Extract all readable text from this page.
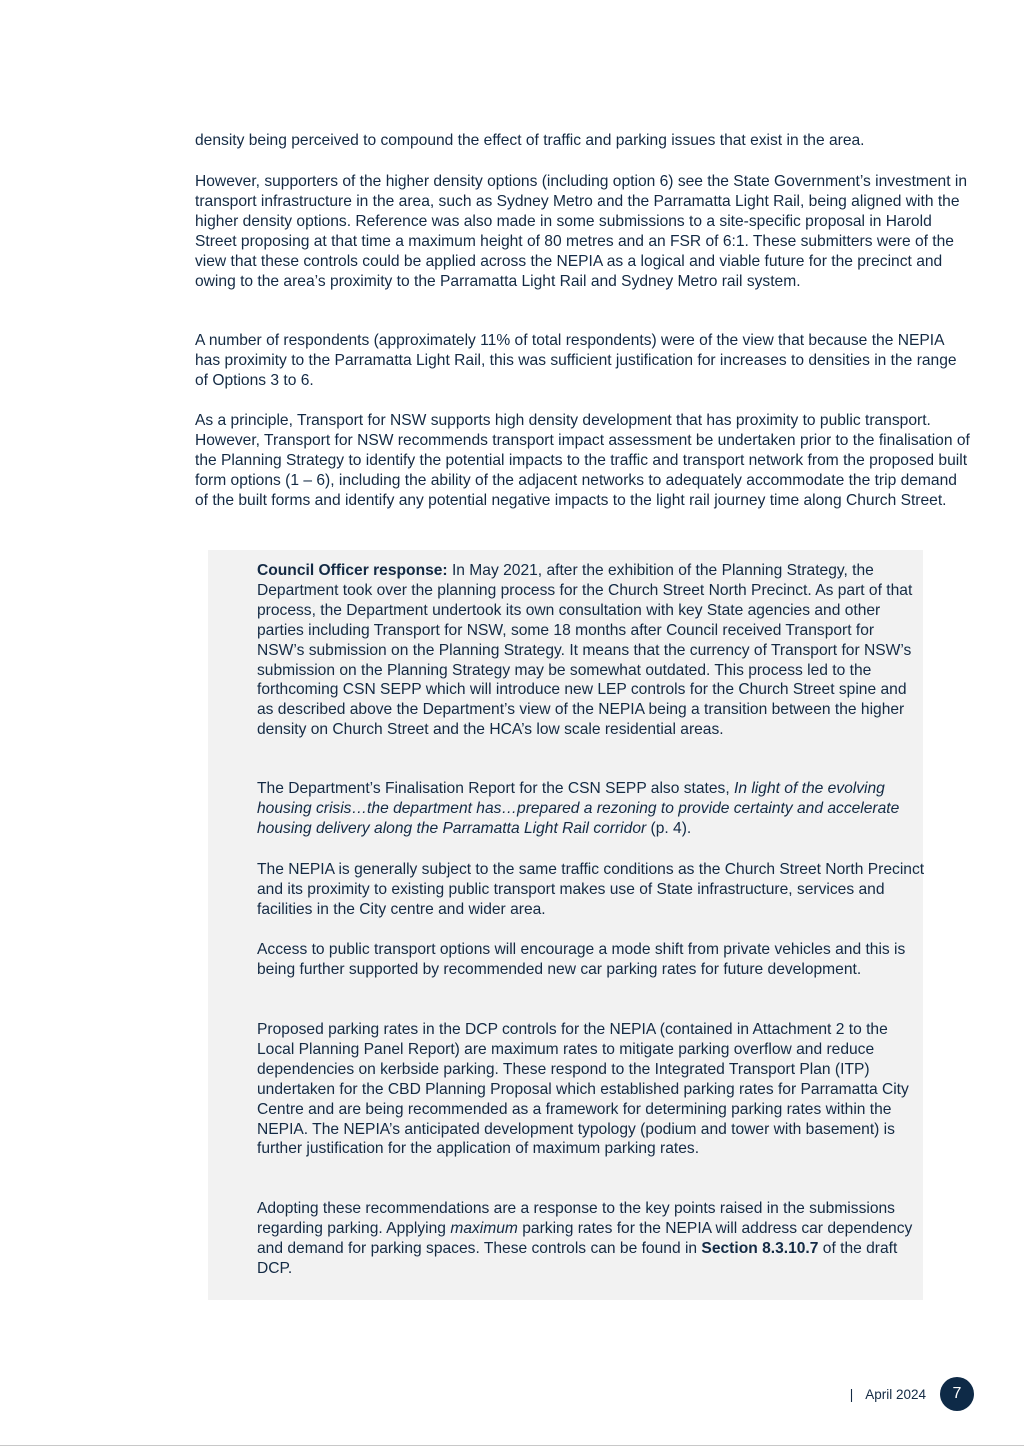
density being perceived to compound the effect of traffic and parking issues that exist in the area.

However, supporters of the higher density options (including option 6) see the State Government’s investment in transport infrastructure in the area, such as Sydney Metro and the Parramatta Light Rail, being aligned with the higher density options. Reference was also made in some submissions to a site-specific proposal in Harold Street proposing at that time a maximum height of 80 metres and an FSR of 6:1. These submitters were of the view that these controls could be applied across the NEPIA as a logical and viable future for the precinct and owing to the area’s proximity to the Parramatta Light Rail and Sydney Metro rail system.

A number of respondents (approximately 11% of total respondents) were of the view that because the NEPIA has proximity to the Parramatta Light Rail, this was sufficient justification for increases to densities in the range of Options 3 to 6.

As a principle, Transport for NSW supports high density development that has proximity to public transport. However, Transport for NSW recommends transport impact assessment be undertaken prior to the finalisation of the Planning Strategy to identify the potential impacts to the traffic and transport network from the proposed built form options (1 – 6), including the ability of the adjacent networks to adequately accommodate the trip demand of the built forms and identify any potential negative impacts to the light rail journey time along Church Street.

Council Officer response: In May 2021, after the exhibition of the Planning Strategy, the Department took over the planning process for the Church Street North Precinct. As part of that process, the Department undertook its own consultation with key State agencies and other parties including Transport for NSW, some 18 months after Council received Transport for NSW’s submission on the Planning Strategy. It means that the currency of Transport for NSW’s submission on the Planning Strategy may be somewhat outdated. This process led to the forthcoming CSN SEPP which will introduce new LEP controls for the Church Street spine and as described above the Department’s view of the NEPIA being a transition between the higher density on Church Street and the HCA’s low scale residential areas.

The Department’s Finalisation Report for the CSN SEPP also states, In light of the evolving housing crisis…the department has…prepared a rezoning to provide certainty and accelerate housing delivery along the Parramatta Light Rail corridor (p. 4).

The NEPIA is generally subject to the same traffic conditions as the Church Street North Precinct and its proximity to existing public transport makes use of State infrastructure, services and facilities in the City centre and wider area.

Access to public transport options will encourage a mode shift from private vehicles and this is being further supported by recommended new car parking rates for future development.

Proposed parking rates in the DCP controls for the NEPIA (contained in Attachment 2 to the Local Planning Panel Report) are maximum rates to mitigate parking overflow and reduce dependencies on kerbside parking. These respond to the Integrated Transport Plan (ITP) undertaken for the CBD Planning Proposal which established parking rates for Parramatta City Centre and are being recommended as a framework for determining parking rates within the NEPIA. The NEPIA’s anticipated development typology (podium and tower with basement) is further justification for the application of maximum parking rates.

Adopting these recommendations are a response to the key points raised in the submissions regarding parking. Applying maximum parking rates for the NEPIA will address car dependency and demand for parking spaces. These controls can be found in Section 8.3.10.7 of the draft DCP.

| April 2024	7
